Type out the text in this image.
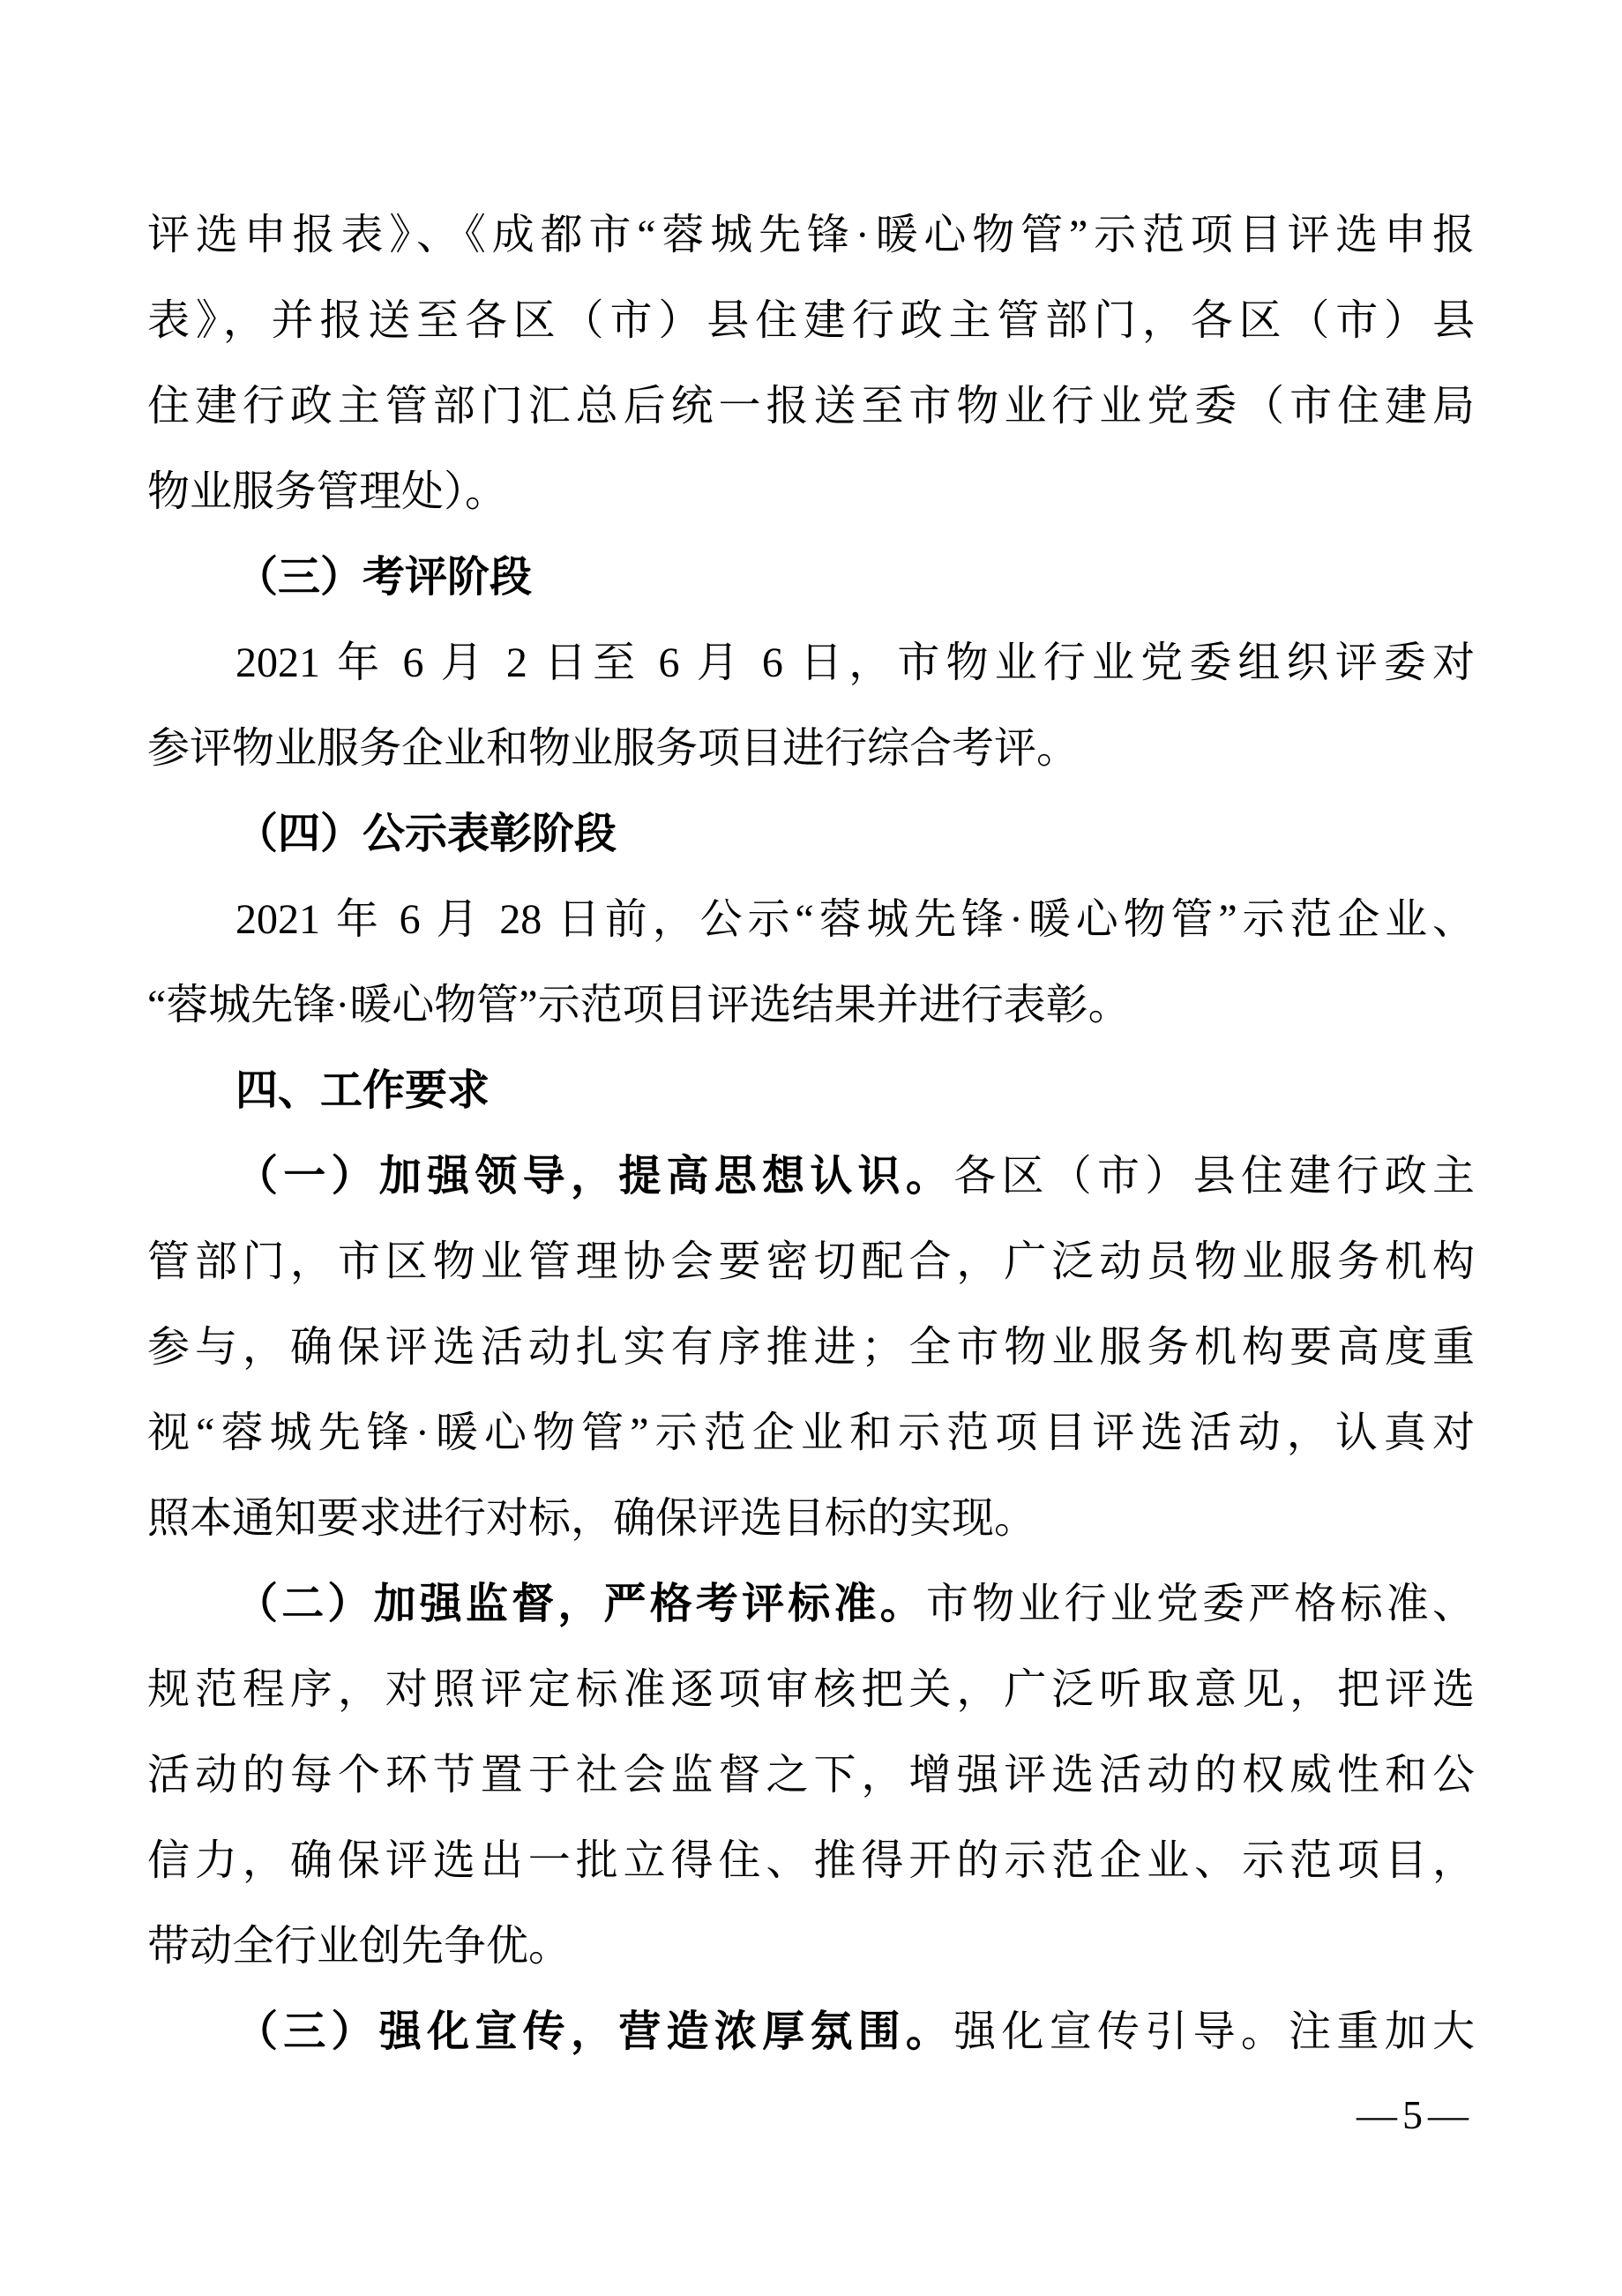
评选申报表》、《成都市“蓉城先锋·暖心物管”示范项目评选申报
表》，并报送至各区（市）县住建行政主管部门，各区（市）县
住建行政主管部门汇总后统一报送至市物业行业党委（市住建局
物业服务管理处）。
（三）考评阶段
2021 年 6 月 2 日至 6 月 6 日，市物业行业党委组织评委对
参评物业服务企业和物业服务项目进行综合考评。
（四）公示表彰阶段
2021 年 6 月 28 日前，公示“蓉城先锋·暖心物管”示范企业、
“蓉城先锋·暖心物管”示范项目评选结果并进行表彰。
四、工作要求
（一）加强领导，提高思想认识。各区（市）县住建行政主
管部门，市区物业管理协会要密切配合，广泛动员物业服务机构
参与，确保评选活动扎实有序推进；全市物业服务机构要高度重
视“蓉城先锋·暖心物管”示范企业和示范项目评选活动，认真对
照本通知要求进行对标，确保评选目标的实现。
（二）加强监督，严格考评标准。市物业行业党委严格标准、
规范程序，对照评定标准逐项审核把关，广泛听取意见，把评选
活动的每个环节置于社会监督之下，增强评选活动的权威性和公
信力，确保评选出一批立得住、推得开的示范企业、示范项目，
带动全行业创先争优。
（三）强化宣传，营造浓厚氛围。强化宣传引导。注重加大
—5—
